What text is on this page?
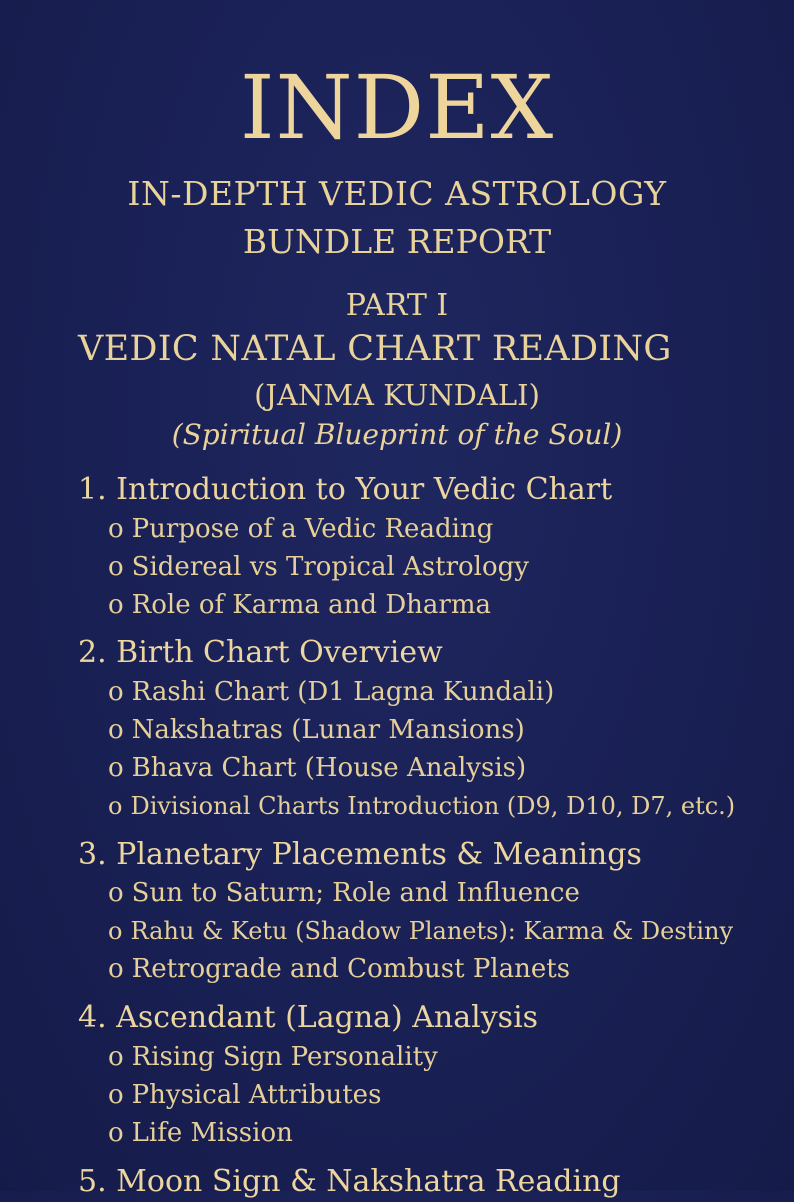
INDEX
IN-DEPTH VEDIC ASTROLOGY
BUNDLE REPORT
PART I
VEDIC NATAL CHART READING
(JANMA KUNDALI)
(Spiritual Blueprint of the Soul)
1. Introduction to Your Vedic Chart
o Purpose of a Vedic Reading
o Sidereal vs Tropical Astrology
o Role of Karma and Dharma
2. Birth Chart Overview
o Rashi Chart (D1 Lagna Kundali)
o Nakshatras (Lunar Mansions)
o Bhava Chart (House Analysis)
o Divisional Charts Introduction (D9, D10, D7, etc.)
3. Planetary Placements & Meanings
o Sun to Saturn; Role and Influence
o Rahu & Ketu (Shadow Planets): Karma & Destiny
o Retrograde and Combust Planets
4. Ascendant (Lagna) Analysis
o Rising Sign Personality
o Physical Attributes
o Life Mission
5. Moon Sign & Nakshatra Reading
